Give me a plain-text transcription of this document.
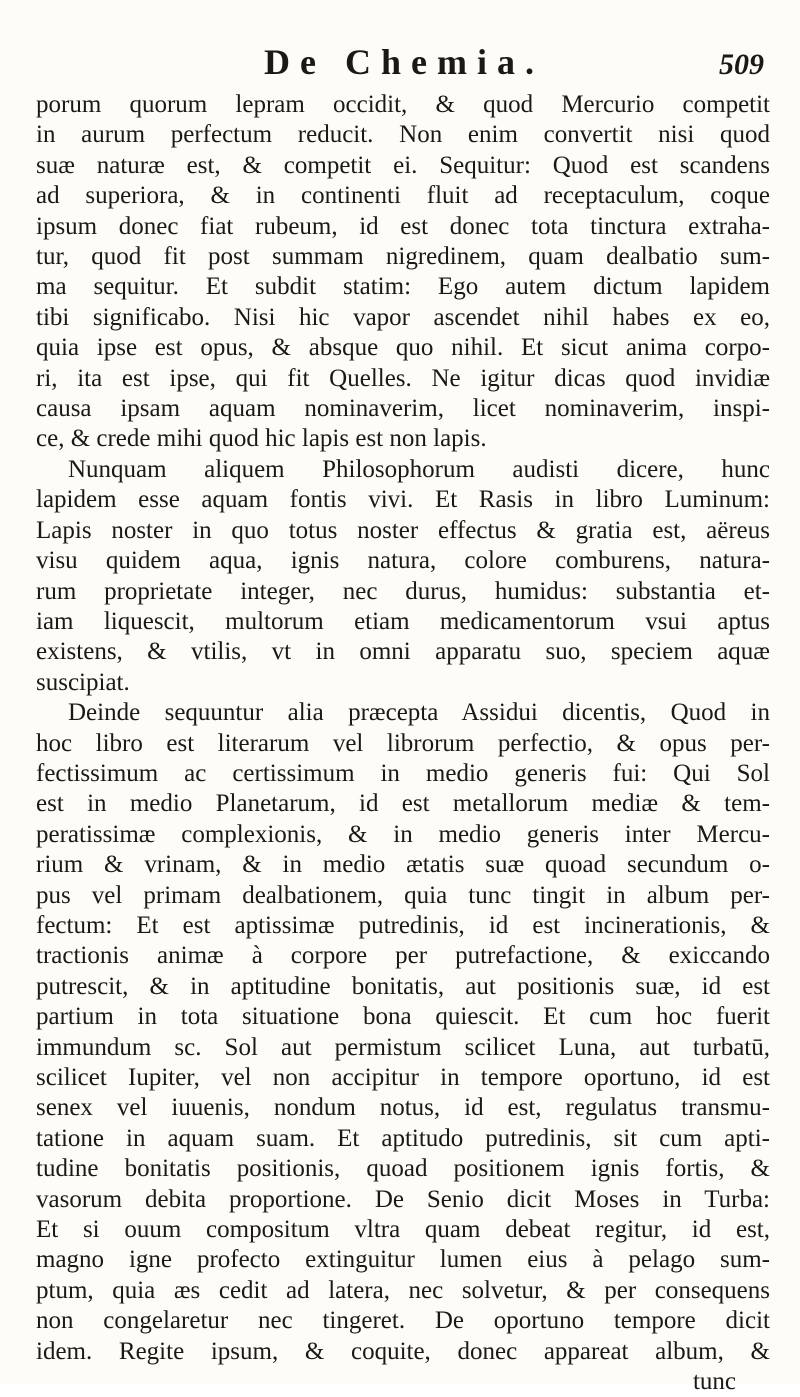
De Chemia.	509
porum quorum lepram occidit, & quod Mercurio competit
in aurum perfectum reducit. Non enim convertit nisi quod
suæ naturæ est, & competit ei. Sequitur: Quod est scandens
ad superiora, & in continenti fluit ad receptaculum, coque
ipsum donec fiat rubeum, id est donec tota tinctura extraha-
tur, quod fit post summam nigredinem, quam dealbatio sum-
ma sequitur. Et subdit statim: Ego autem dictum lapidem
tibi significabo. Nisi hic vapor ascendet nihil habes ex eo,
quia ipse est opus, & absque quo nihil. Et sicut anima corpo-
ri, ita est ipse, qui fit Quelles. Ne igitur dicas quod invidiæ
causa ipsam aquam nominaverim, licet nominaverim, inspi-
ce, & crede mihi quod hic lapis est non lapis.
Nunquam aliquem Philosophorum audisti dicere, hunc
lapidem esse aquam fontis vivi. Et Rasis in libro Luminum:
Lapis noster in quo totus noster effectus & gratia est, aëreus
visu quidem aqua, ignis natura, colore comburens, natura-
rum proprietate integer, nec durus, humidus: substantia et-
iam liquescit, multorum etiam medicamentorum vsui aptus
existens, & vtilis, vt in omni apparatu suo, speciem aquæ
suscipiat.
Deinde sequuntur alia præcepta Assidui dicentis, Quod in
hoc libro est literarum vel librorum perfectio, & opus per-
fectissimum ac certissimum in medio generis fui: Qui Sol
est in medio Planetarum, id est metallorum mediæ & tem-
peratissimæ complexionis, & in medio generis inter Mercu-
rium & vrinam, & in medio ætatis suæ quoad secundum o-
pus vel primam dealbationem, quia tunc tingit in album per-
fectum: Et est aptissimæ putredinis, id est incinerationis, &
tractionis animæ à corpore per putrefactione, & exiccando
putrescit, & in aptitudine bonitatis, aut positionis suæ, id est
partium in tota situatione bona quiescit. Et cum hoc fuerit
immundum sc. Sol aut permistum scilicet Luna, aut turbatū,
scilicet Iupiter, vel non accipitur in tempore oportuno, id est
senex vel iuuenis, nondum notus, id est, regulatus transmu-
tatione in aquam suam. Et aptitudo putredinis, sit cum apti-
tudine bonitatis positionis, quoad positionem ignis fortis, &
vasorum debita proportione. De Senio dicit Moses in Turba:
Et si ouum compositum vltra quam debeat regitur, id est,
magno igne profecto extinguitur lumen eius à pelago sum-
ptum, quia æs cedit ad latera, nec solvetur, & per consequens
non congelaretur nec tingeret. De oportuno tempore dicit
idem. Regite ipsum, & coquite, donec appareat album, &
tunc
